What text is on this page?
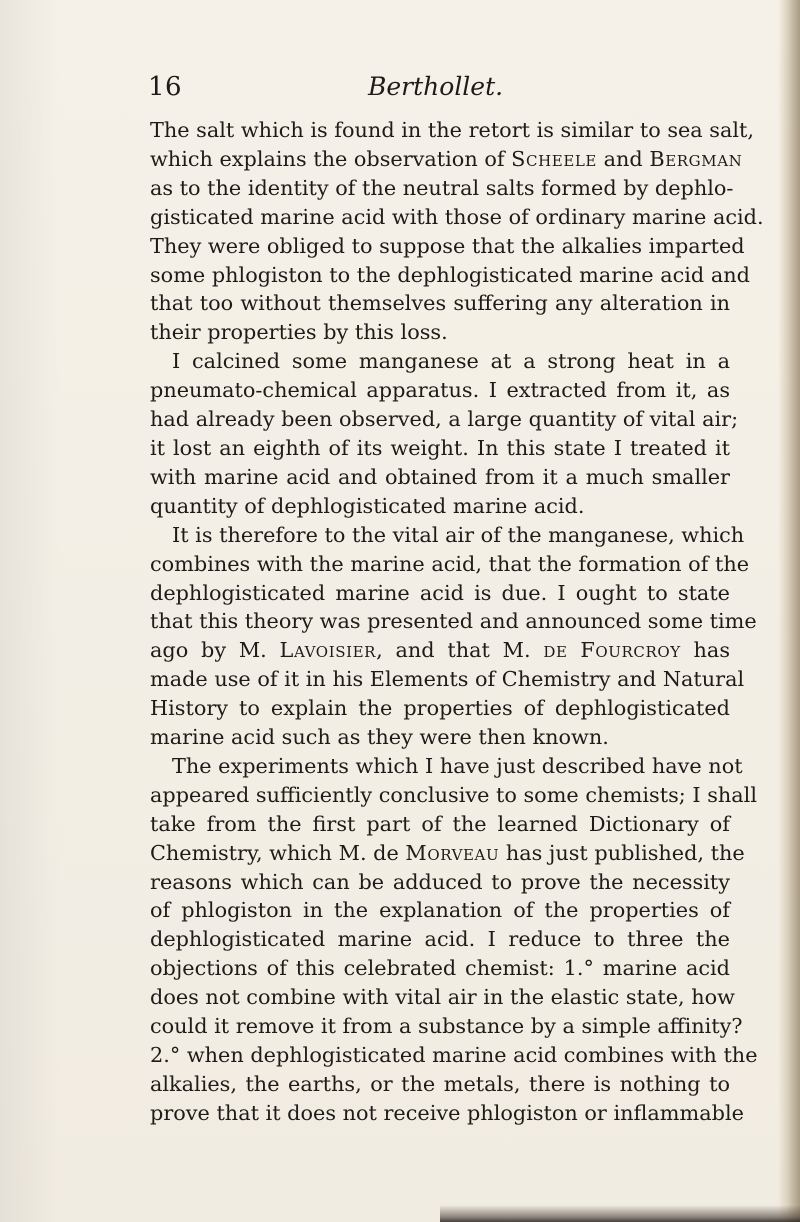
16	Berthollet.
The salt which is found in the retort is similar to sea salt,
which explains the observation of Scheele and Bergman
as to the identity of the neutral salts formed by dephlo-
gisticated marine acid with those of ordinary marine acid.
They were obliged to suppose that the alkalies imparted
some phlogiston to the dephlogisticated marine acid and
that too without themselves suffering any alteration in
their properties by this loss.
I calcined some manganese at a strong heat in a
pneumato-chemical apparatus. I extracted from it, as
had already been observed, a large quantity of vital air;
it lost an eighth of its weight. In this state I treated it
with marine acid and obtained from it a much smaller
quantity of dephlogisticated marine acid.
It is therefore to the vital air of the manganese, which
combines with the marine acid, that the formation of the
dephlogisticated marine acid is due. I ought to state
that this theory was presented and announced some time
ago by M. Lavoisier, and that M. de Fourcroy has
made use of it in his Elements of Chemistry and Natural
History to explain the properties of dephlogisticated
marine acid such as they were then known.
The experiments which I have just described have not
appeared sufficiently conclusive to some chemists; I shall
take from the first part of the learned Dictionary of
Chemistry, which M. de Morveau has just published, the
reasons which can be adduced to prove the necessity
of phlogiston in the explanation of the properties of
dephlogisticated marine acid. I reduce to three the
objections of this celebrated chemist: 1.° marine acid
does not combine with vital air in the elastic state, how
could it remove it from a substance by a simple affinity?
2.° when dephlogisticated marine acid combines with the
alkalies, the earths, or the metals, there is nothing to
prove that it does not receive phlogiston or inflammable
